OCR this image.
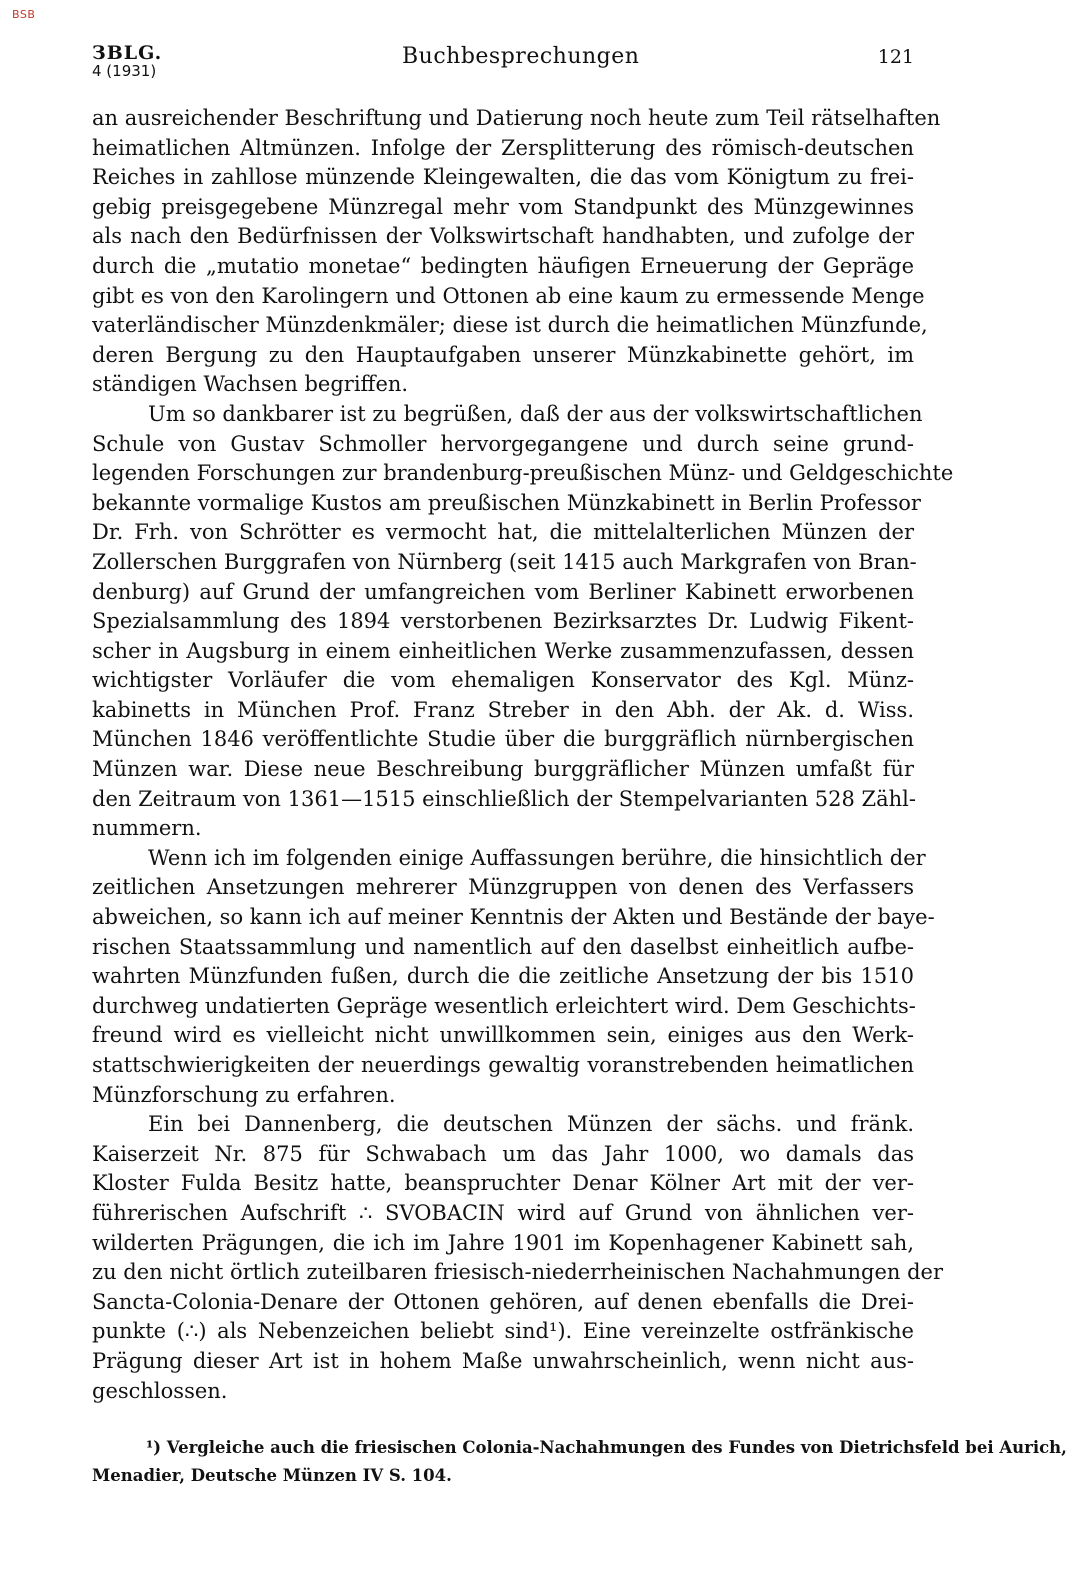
BSB
ЗВLG.
4 (1931)
Buchbesprechungen	121
an ausreichender Beschriftung und Datierung noch heute zum Teil rätselhaften
heimatlichen Altmünzen. Infolge der Zersplitterung des römisch-deutschen
Reiches in zahllose münzende Kleingewalten, die das vom Königtum zu frei-
gebig preisgegebene Münzregal mehr vom Standpunkt des Münzgewinnes
als nach den Bedürfnissen der Volkswirtschaft handhabten, und zufolge der
durch die „mutatio monetae“ bedingten häufigen Erneuerung der Gepräge
gibt es von den Karolingern und Ottonen ab eine kaum zu ermessende Menge
vaterländischer Münzdenkmäler; diese ist durch die heimatlichen Münzfunde,
deren Bergung zu den Hauptaufgaben unserer Münzkabinette gehört, im
ständigen Wachsen begriffen.
Um so dankbarer ist zu begrüßen, daß der aus der volkswirtschaftlichen
Schule von Gustav Schmoller hervorgegangene und durch seine grund-
legenden Forschungen zur brandenburg-preußischen Münz- und Geldgeschichte
bekannte vormalige Kustos am preußischen Münzkabinett in Berlin Professor
Dr. Frh. von Schrötter es vermocht hat, die mittelalterlichen Münzen der
Zollerschen Burggrafen von Nürnberg (seit 1415 auch Markgrafen von Bran-
denburg) auf Grund der umfangreichen vom Berliner Kabinett erworbenen
Spezialsammlung des 1894 verstorbenen Bezirksarztes Dr. Ludwig Fikent-
scher in Augsburg in einem einheitlichen Werke zusammenzufassen, dessen
wichtigster Vorläufer die vom ehemaligen Konservator des Kgl. Münz-
kabinetts in München Prof. Franz Streber in den Abh. der Ak. d. Wiss.
München 1846 veröffentlichte Studie über die burggräflich nürnbergischen
Münzen war. Diese neue Beschreibung burggräflicher Münzen umfaßt für
den Zeitraum von 1361—1515 einschließlich der Stempelvarianten 528 Zähl-
nummern.
Wenn ich im folgenden einige Auffassungen berühre, die hinsichtlich der
zeitlichen Ansetzungen mehrerer Münzgruppen von denen des Verfassers
abweichen, so kann ich auf meiner Kenntnis der Akten und Bestände der baye-
rischen Staatssammlung und namentlich auf den daselbst einheitlich aufbe-
wahrten Münzfunden fußen, durch die die zeitliche Ansetzung der bis 1510
durchweg undatierten Gepräge wesentlich erleichtert wird. Dem Geschichts-
freund wird es vielleicht nicht unwillkommen sein, einiges aus den Werk-
stattschwierigkeiten der neuerdings gewaltig voranstrebenden heimatlichen
Münzforschung zu erfahren.
Ein bei Dannenberg, die deutschen Münzen der sächs. und fränk.
Kaiserzeit Nr. 875 für Schwabach um das Jahr 1000, wo damals das
Kloster Fulda Besitz hatte, beanspruchter Denar Kölner Art mit der ver-
führerischen Aufschrift ∴ SVOBACIN wird auf Grund von ähnlichen ver-
wilderten Prägungen, die ich im Jahre 1901 im Kopenhagener Kabinett sah,
zu den nicht örtlich zuteilbaren friesisch-niederrheinischen Nachahmungen der
Sancta-Colonia-Denare der Ottonen gehören, auf denen ebenfalls die Drei-
punkte (∴) als Nebenzeichen beliebt sind¹). Eine vereinzelte ostfränkische
Prägung dieser Art ist in hohem Maße unwahrscheinlich, wenn nicht aus-
geschlossen.
¹) Vergleiche auch die friesischen Colonia-Nachahmungen des Fundes von Dietrichsfeld bei Aurich,
Menadier, Deutsche Münzen IV S. 104.
